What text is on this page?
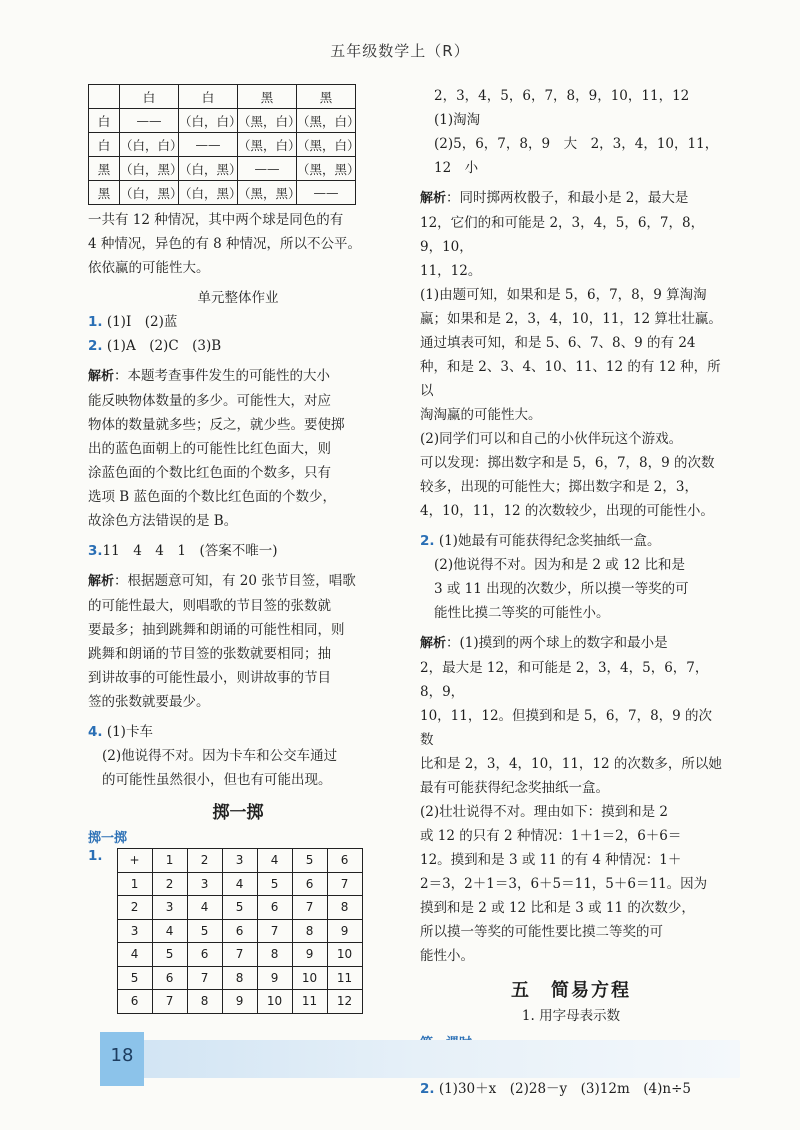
五年级数学上（R）
	白	白	黑	黑
白	——	（白，白）	（黑，白）	（黑，白）
白	（白，白）	——	（黑，白）	（黑，白）
黑	（白，黑）	（白，黑）	——	（黑，黑）
黑	（白，黑）	（白，黑）	（黑，黑）	——

一共有 12 种情况，其中两个球是同色的有

4 种情况，异色的有 8 种情况，所以不公平。

依依赢的可能性大。

单元整体作业

1. (1)I　(2)蓝

2. (1)A　(2)C　(3)B

解析：本题考查事件发生的可能性的大小

能反映物体数量的多少。可能性大，对应

物体的数量就多些；反之，就少些。要使掷

出的蓝色面朝上的可能性比红色面大，则

涂蓝色面的个数比红色面的个数多，只有

选项 B 蓝色面的个数比红色面的个数少，

故涂色方法错误的是 B。

3.11　4　4　1　(答案不唯一)

解析：根据题意可知，有 20 张节目签，唱歌

的可能性最大，则唱歌的节目签的张数就

要最多；抽到跳舞和朗诵的可能性相同，则

跳舞和朗诵的节目签的张数就要相同；抽

到讲故事的可能性最小，则讲故事的节目

签的张数就要最少。

4. (1)卡车

(2)他说得不对。因为卡车和公交车通过

的可能性虽然很小，但也有可能出现。

掷一掷
掷一掷
1. +	1	2	3	4	5	6
1	2	3	4	5	6	7
2	3	4	5	6	7	8
3	4	5	6	7	8	9
4	5	6	7	8	9	10
5	6	7	8	9	10	11
6	7	8	9	10	11	12

2，3，4，5，6，7，8，9，10，11，12

(1)淘淘

(2)5，6，7，8，9　大　2，3，4，10，11，12　小

解析：同时掷两枚骰子，和最小是 2，最大是

12，它们的和可能是 2，3，4，5，6，7，8，9，10，

11，12。

(1)由题可知，如果和是 5，6，7，8，9 算淘淘

赢；如果和是 2，3，4，10，11，12 算壮壮赢。

通过填表可知，和是 5、6、7、8、9 的有 24

种，和是 2、3、4、10、11、12 的有 12 种，所以

淘淘赢的可能性大。

(2)同学们可以和自己的小伙伴玩这个游戏。

可以发现：掷出数字和是 5，6，7，8，9 的次数

较多，出现的可能性大；掷出数字和是 2，3，

4，10，11，12 的次数较少，出现的可能性小。

2. (1)她最有可能获得纪念奖抽纸一盒。

(2)他说得不对。因为和是 2 或 12 比和是

3 或 11 出现的次数少，所以摸一等奖的可

能性比摸二等奖的可能性小。

解析：(1)摸到的两个球上的数字和最小是

2，最大是 12，和可能是 2，3，4，5，6，7，8，9，

10，11，12。但摸到和是 5，6，7，8，9 的次数

比和是 2，3，4，10，11，12 的次数多，所以她

最有可能获得纪念奖抽纸一盒。

(2)壮壮说得不对。理由如下：摸到和是 2

或 12 的只有 2 种情况：1＋1＝2，6＋6＝

12。摸到和是 3 或 11 的有 4 种情况：1＋

2＝3，2＋1＝3，6＋5＝11，5＋6＝11。因为

摸到和是 2 或 12 比和是 3 或 11 的次数少，

所以摸一等奖的可能性要比摸二等奖的可

能性小。

五　简易方程

1. 用字母表示数

2. (1)30＋x　(2)28－y　(3)12m　(4)n÷5

18
